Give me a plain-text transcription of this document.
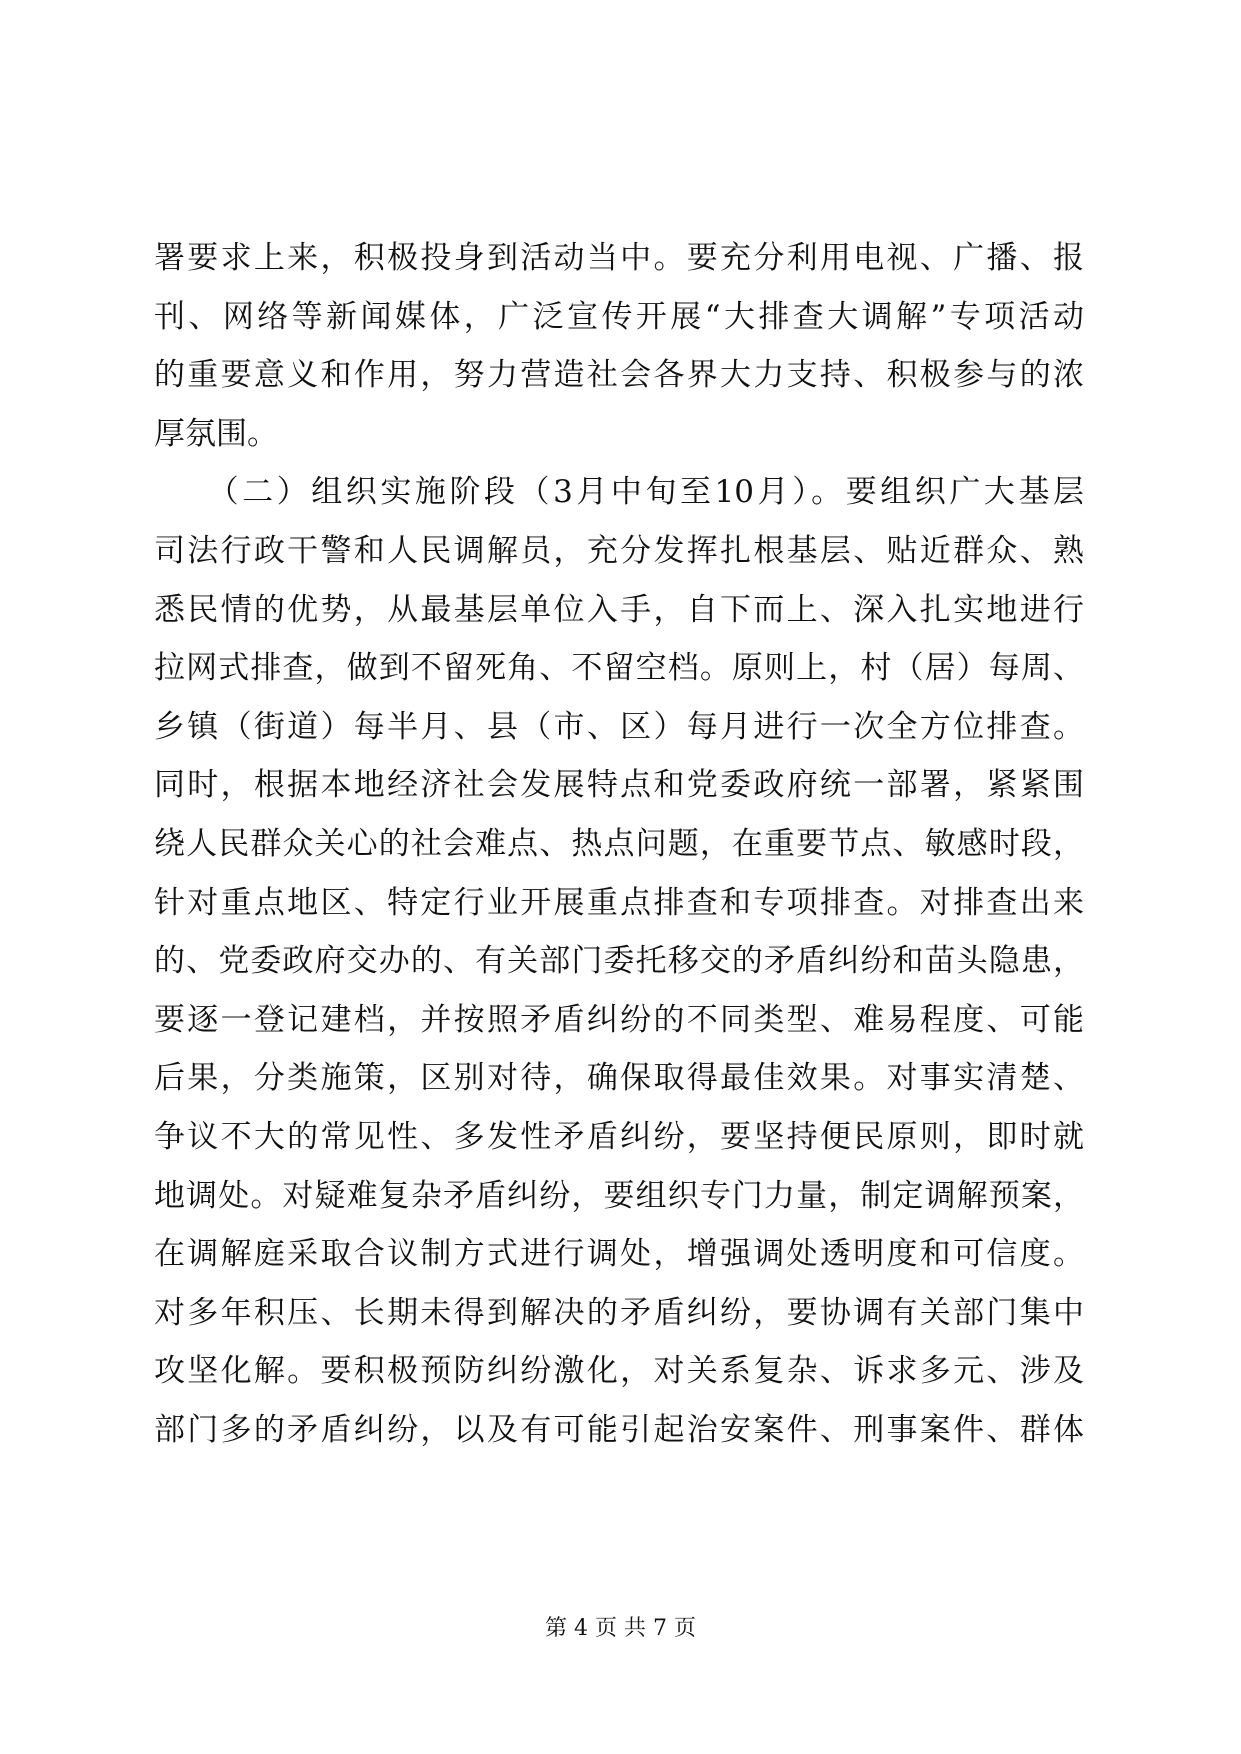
署要求上来，积极投身到活动当中。要充分利用电视、广播、报
刊、网络等新闻媒体，广泛宣传开展“大排查大调解”专项活动
的重要意义和作用，努力营造社会各界大力支持、积极参与的浓
厚氛围。
　　（二）组织实施阶段（3月中旬至10月）。要组织广大基层
司法行政干警和人民调解员，充分发挥扎根基层、贴近群众、熟
悉民情的优势，从最基层单位入手，自下而上、深入扎实地进行
拉网式排查，做到不留死角、不留空档。原则上，村（居）每周、
乡镇（街道）每半月、县（市、区）每月进行一次全方位排查。
同时，根据本地经济社会发展特点和党委政府统一部署，紧紧围
绕人民群众关心的社会难点、热点问题，在重要节点、敏感时段，
针对重点地区、特定行业开展重点排查和专项排查。对排查出来
的、党委政府交办的、有关部门委托移交的矛盾纠纷和苗头隐患，
要逐一登记建档，并按照矛盾纠纷的不同类型、难易程度、可能
后果，分类施策，区别对待，确保取得最佳效果。对事实清楚、
争议不大的常见性、多发性矛盾纠纷，要坚持便民原则，即时就
地调处。对疑难复杂矛盾纠纷，要组织专门力量，制定调解预案，
在调解庭采取合议制方式进行调处，增强调处透明度和可信度。
对多年积压、长期未得到解决的矛盾纠纷，要协调有关部门集中
攻坚化解。要积极预防纠纷激化，对关系复杂、诉求多元、涉及
部门多的矛盾纠纷，以及有可能引起治安案件、刑事案件、群体
第 4 页 共 7 页
